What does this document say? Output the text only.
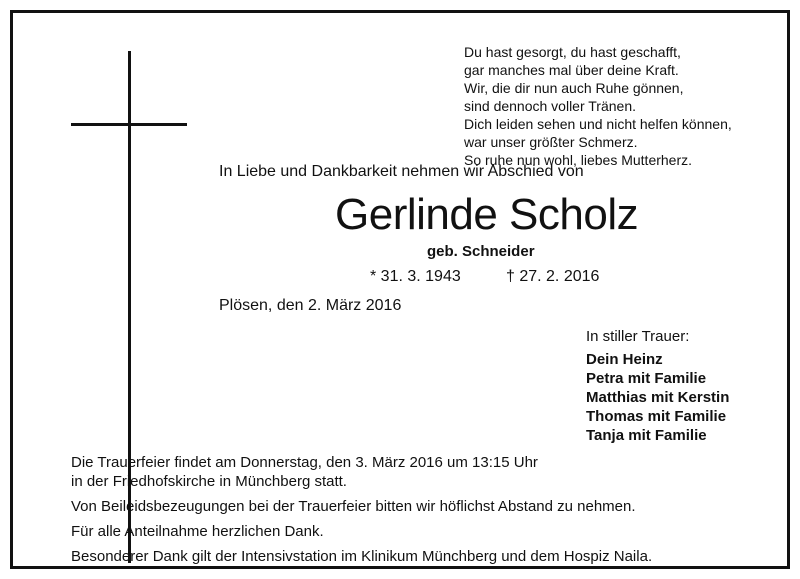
Du hast gesorgt, du hast geschafft,
gar manches mal über deine Kraft.
Wir, die dir nun auch Ruhe gönnen,
sind dennoch voller Tränen.
Dich leiden sehen und nicht helfen können,
war unser größter Schmerz.
So ruhe nun wohl, liebes Mutterherz.
In Liebe und Dankbarkeit nehmen wir Abschied von
Gerlinde Scholz
geb. Schneider
* 31. 3. 1943	† 27. 2. 2016
Plösen, den 2. März 2016
In stiller Trauer:
Dein Heinz
Petra mit Familie
Matthias mit Kerstin
Thomas mit Familie
Tanja mit Familie
Die Trauerfeier findet am Donnerstag, den 3. März 2016 um 13:15 Uhr
in der Friedhofskirche in Münchberg statt.
Von Beileidsbezeugungen bei der Trauerfeier bitten wir höflichst Abstand zu nehmen.
Für alle Anteilnahme herzlichen Dank.
Besonderer Dank gilt der Intensivstation im Klinikum Münchberg und dem Hospiz Naila.
